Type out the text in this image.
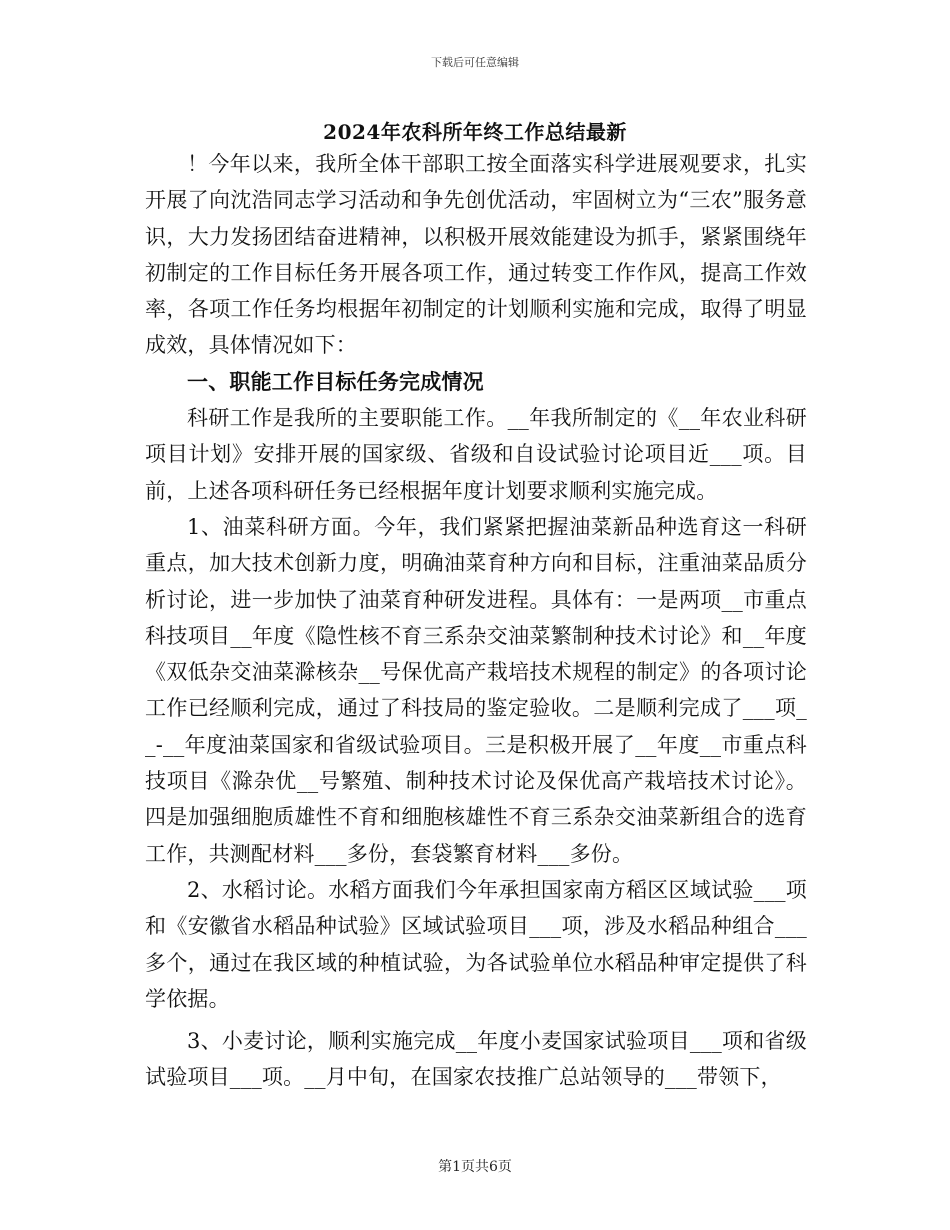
下载后可任意编辑
2024年农科所年终工作总结最新

！今年以来，我所全体干部职工按全面落实科学进展观要求，扎实开展了向沈浩同志学习活动和争先创优活动，牢固树立为“三农”服务意识，大力发扬团结奋进精神，以积极开展效能建设为抓手，紧紧围绕年初制定的工作目标任务开展各项工作，通过转变工作作风，提高工作效率，各项工作任务均根据年初制定的计划顺利实施和完成，取得了明显成效，具体情况如下：

一、职能工作目标任务完成情况

科研工作是我所的主要职能工作。__年我所制定的《__年农业科研项目计划》安排开展的国家级、省级和自设试验讨论项目近___项。目前，上述各项科研任务已经根据年度计划要求顺利实施完成。

1、油菜科研方面。今年，我们紧紧把握油菜新品种选育这一科研重点，加大技术创新力度，明确油菜育种方向和目标，注重油菜品质分析讨论，进一步加快了油菜育种研发进程。具体有：一是两项__市重点科技项目__年度《隐性核不育三系杂交油菜繁制种技术讨论》和__年度《双低杂交油菜滁核杂__号保优高产栽培技术规程的制定》的各项讨论工作已经顺利完成，通过了科技局的鉴定验收。二是顺利完成了___项__-__年度油菜国家和省级试验项目。三是积极开展了__年度__市重点科技项目《滁杂优__号繁殖、制种技术讨论及保优高产栽培技术讨论》。四是加强细胞质雄性不育和细胞核雄性不育三系杂交油菜新组合的选育工作，共测配材料___多份，套袋繁育材料___多份。

2、水稻讨论。水稻方面我们今年承担国家南方稻区区域试验___项和《安徽省水稻品种试验》区域试验项目___项，涉及水稻品种组合___多个，通过在我区域的种植试验，为各试验单位水稻品种审定提供了科学依据。

3、小麦讨论，顺利实施完成__年度小麦国家试验项目___项和省级试验项目___项。__月中旬，在国家农技推广总站领导的___带领下，

第1页共6页
